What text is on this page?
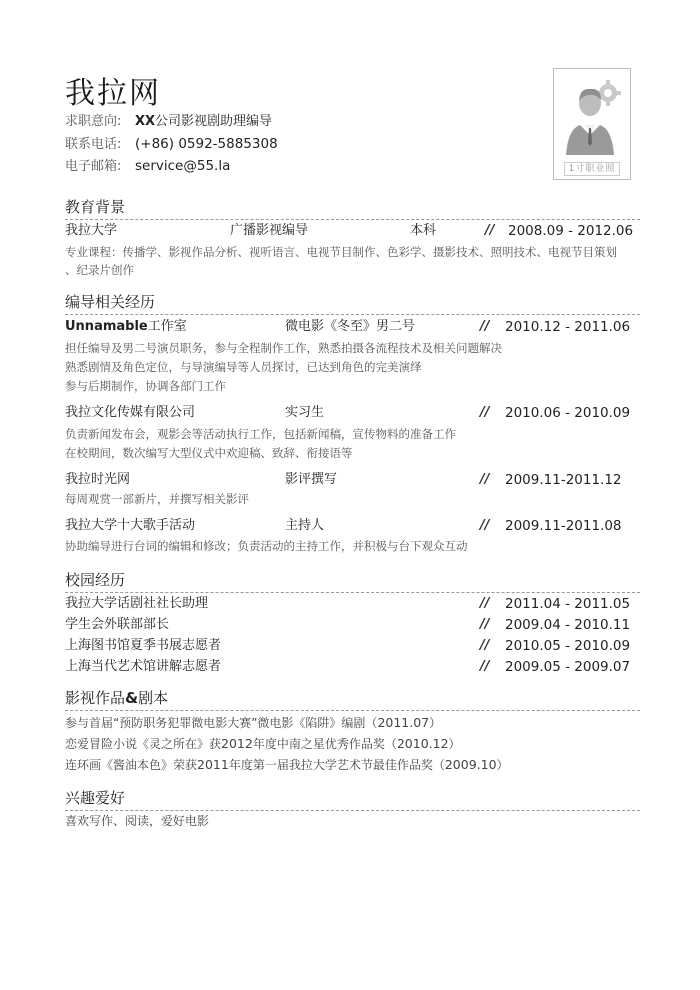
我拉网
求职意向: XX公司影视剧助理编导
联系电话: (+86) 0592-5885308
电子邮箱: service@55.la	1寸职业照
教育背景
我拉大学	广播影视编导	本科	// 2008.09 - 2012.06
专业课程：传播学、影视作品分析、视听语言、电视节目制作、色彩学、摄影技术、照明技术、电视节目策划
、纪录片创作
编导相关经历
Unnamable工作室	微电影《冬至》男二号	// 2010.12 - 2011.06
担任编导及男二号演员职务，参与全程制作工作，熟悉拍摄各流程技术及相关问题解决
熟悉剧情及角色定位，与导演编导等人员探讨，已达到角色的完美演绎
参与后期制作，协调各部门工作
我拉文化传媒有限公司	实习生	// 2010.06 - 2010.09
负责新闻发布会，观影会等活动执行工作，包括新闻稿，宣传物料的准备工作
在校期间，数次编写大型仪式中欢迎稿、致辞、衔接语等
我拉时光网	影评撰写	// 2009.11-2011.12
每周观赏一部新片，并撰写相关影评
我拉大学十大歌手活动	主持人	// 2009.11-2011.08
协助编导进行台词的编辑和修改；负责活动的主持工作，并积极与台下观众互动
校园经历
我拉大学话剧社社长助理	// 2011.04 - 2011.05
学生会外联部部长	// 2009.04 - 2010.11
上海图书馆夏季书展志愿者	// 2010.05 - 2010.09
上海当代艺术馆讲解志愿者	// 2009.05 - 2009.07
影视作品&剧本
参与首届“预防职务犯罪微电影大赛”微电影《陷阱》编剧（2011.07）
恋爱冒险小说《灵之所在》获2012年度中南之星优秀作品奖（2010.12）
连环画《酱油本色》荣获2011年度第一届我拉大学艺术节最佳作品奖（2009.10）
兴趣爱好
喜欢写作、阅读，爱好电影
